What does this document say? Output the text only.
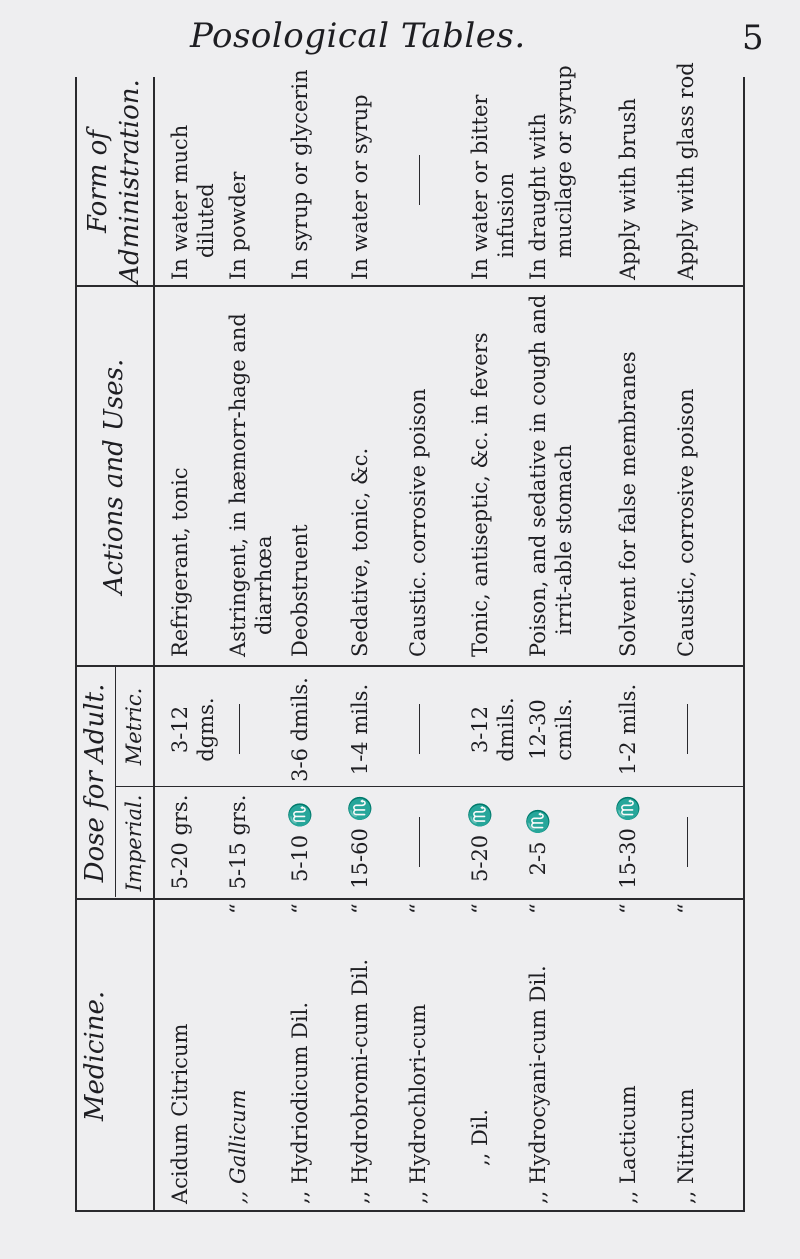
Posological Tables.	5
Medicine.
Dose for Adult. Imperial.
Metric.
Actions and Uses.
Form of Administration.
Acidum Citricum
5-20 grs.
3-12 dgms.
Refrigerant, tonic
In water much diluted
,, Gallicum
5-15 grs.
Astringent, in hæmorr-hage and diarrhœa
In powder
“
,, Hydriodicum Dil.
5-10 ♏
3-6 dmils.
Deobstruent
In syrup or glycerin
“
,, Hydrobromi-cum Dil.
15-60 ♏
1-4 mils.
Sedative, tonic, &c.
In water or syrup
“
,, Hydrochlori-cum
Caustic. corrosive poison
“
,, Dil.
5-20 ♏
3-12 dmils.
Tonic, antiseptic, &c. in fevers
In water or bitter infusion
“
,, Hydrocyani-cum Dil.
2-5 ♏
12-30 cmils.
Poison, and sedative in cough and irrit-able stomach
In draught with mucilage or syrup
“
,, Lacticum
15-30 ♏
1-2 mils.
Solvent for false membranes
Apply with brush
“
,, Nitricum
Caustic, corrosive poison
Apply with glass rod
“
